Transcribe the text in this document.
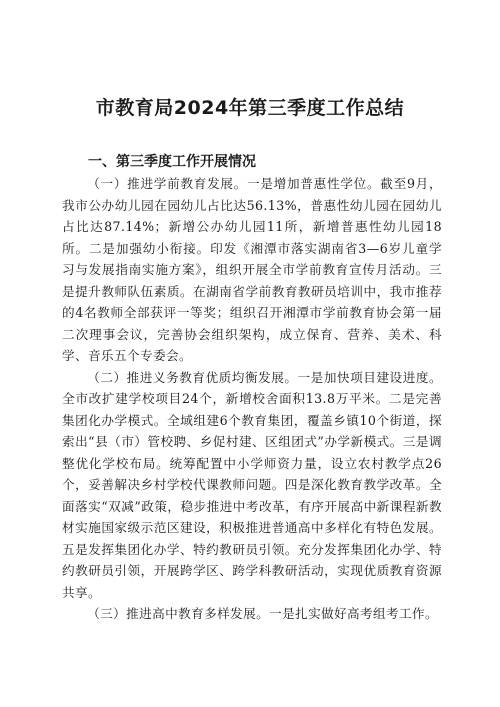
市教育局2024年第三季度工作总结
一、第三季度工作开展情况

（一）推进学前教育发展。一是增加普惠性学位。截至9月，我市公办幼儿园在园幼儿占比达56.13%，普惠性幼儿园在园幼儿占比达87.14%；新增公办幼儿园11所，新增普惠性幼儿园18所。二是加强幼小衔接。印发《湘潭市落实湖南省3—6岁儿童学习与发展指南实施方案》，组织开展全市学前教育宣传月活动。三是提升教师队伍素质。在湖南省学前教育教研员培训中，我市推荐的4名教师全部获评一等奖；组织召开湘潭市学前教育协会第一届二次理事会议，完善协会组织架构，成立保育、营养、美术、科学、音乐五个专委会。

（二）推进义务教育优质均衡发展。一是加快项目建设进度。全市改扩建学校项目24个，新增校舍面积13.8万平米。二是完善集团化办学模式。全域组建6个教育集团，覆盖乡镇10个街道，探索出“县（市）管校聘、乡促村建、区组团式”办学新模式。三是调整优化学校布局。统筹配置中小学师资力量，设立农村教学点26个，妥善解决乡村学校代课教师问题。四是深化教育教学改革。全面落实“双减”政策，稳步推进中考改革，有序开展高中新课程新教材实施国家级示范区建设，积极推进普通高中多样化有特色发展。五是发挥集团化办学、特约教研员引领。充分发挥集团化办学、特约教研员引领，开展跨学区、跨学科教研活动，实现优质教育资源共享。

（三）推进高中教育多样发展。一是扎实做好高考组考工作。
